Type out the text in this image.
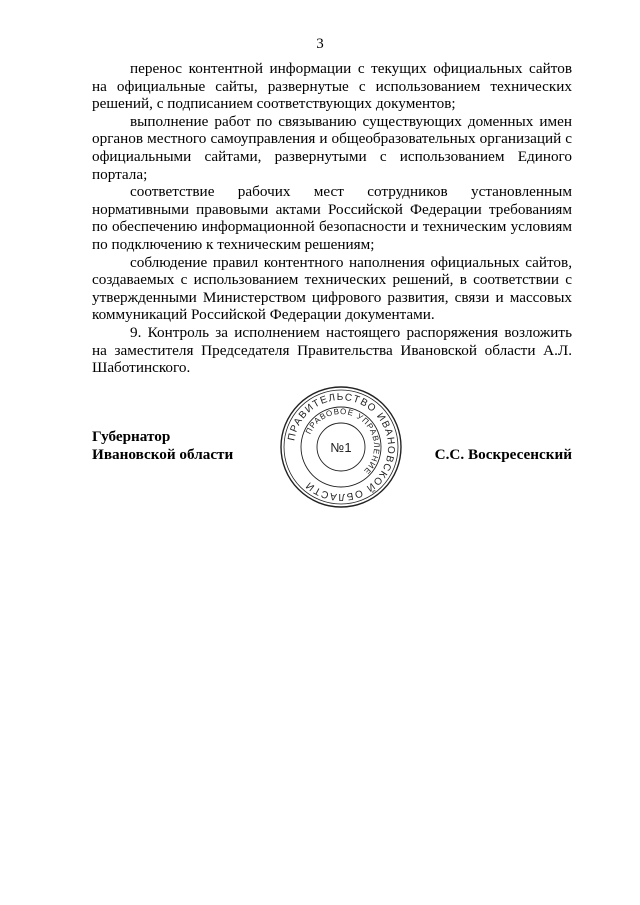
3

перенос контентной информации с текущих официальных сайтов на официальные сайты, развернутые с использованием технических решений, с подписанием соответствующих документов;

выполнение работ по связыванию существующих доменных имен органов местного самоуправления и общеобразовательных организаций с официальными сайтами, развернутыми с использованием Единого портала;

соответствие рабочих мест сотрудников установленным нормативными правовыми актами Российской Федерации требованиям по обеспечению информационной безопасности и техническим условиям по подключению к техническим решениям;

соблюдение правил контентного наполнения официальных сайтов, создаваемых с использованием технических решений, в соответствии с утвержденными Министерством цифрового развития, связи и массовых коммуникаций Российской Федерации документами.

9. Контроль за исполнением настоящего распоряжения возложить на заместителя Председателя Правительства Ивановской области А.Л. Шаботинского.

Губернатор
Ивановской области	С.С. Воскресенский
ПРАВИТЕЛЬСТВО ИВАНОВСКОЙ ОБЛАСТИ
ПРАВОВОЕ УПРАВЛЕНИЕ
№1
